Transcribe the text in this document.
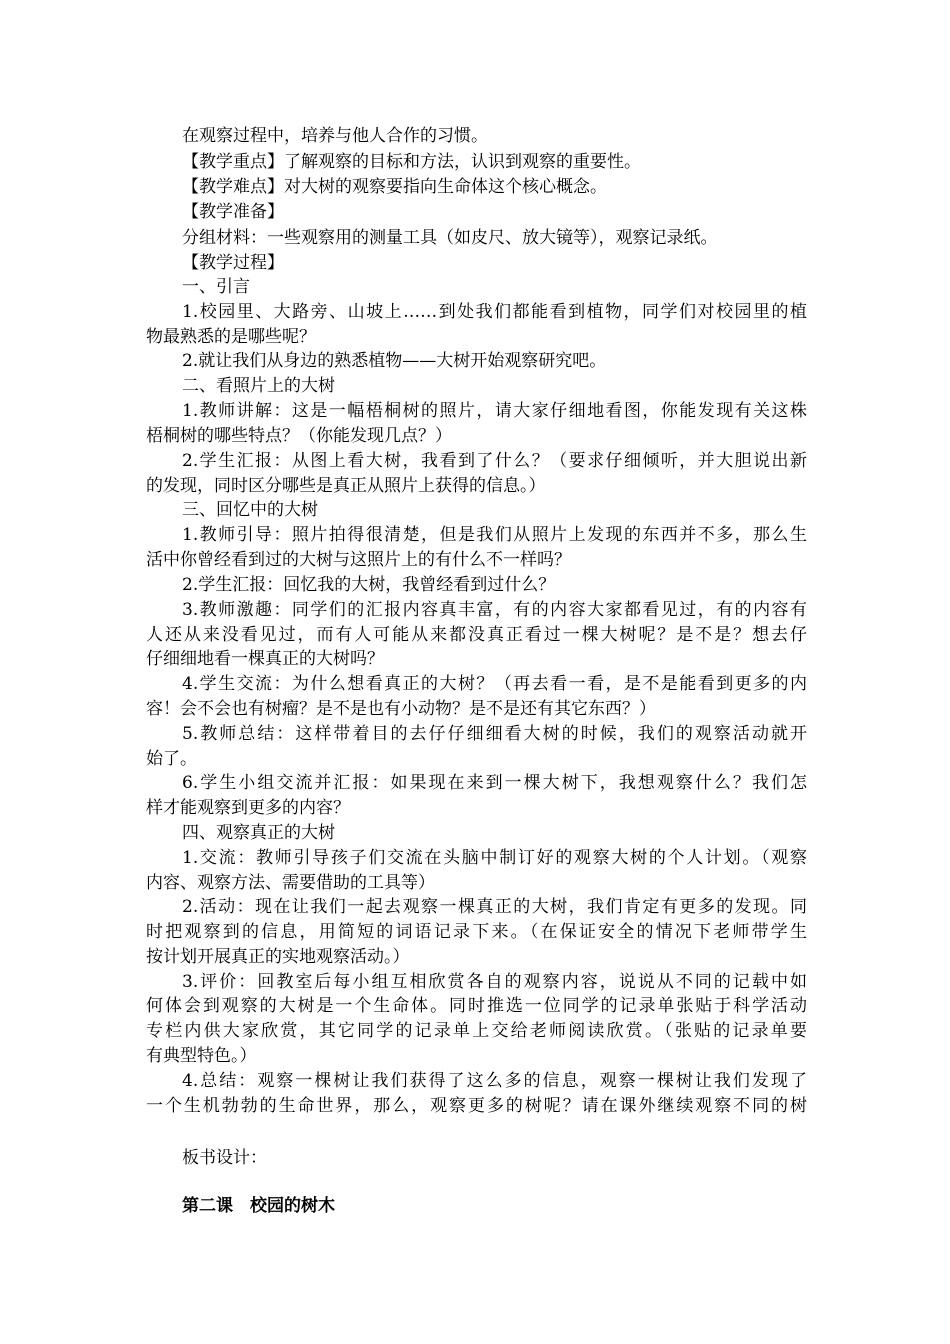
在观察过程中，培养与他人合作的习惯。
【教学重点】了解观察的目标和方法，认识到观察的重要性。
【教学难点】对大树的观察要指向生命体这个核心概念。
【教学准备】
分组材料：一些观察用的测量工具（如皮尺、放大镜等），观察记录纸。
【教学过程】
一、引言
1.校园里、大路旁、山坡上……到处我们都能看到植物，同学们对校园里的植
物最熟悉的是哪些呢？
2.就让我们从身边的熟悉植物——大树开始观察研究吧。
二、看照片上的大树
1.教师讲解：这是一幅梧桐树的照片，请大家仔细地看图，你能发现有关这株
梧桐树的哪些特点？（你能发现几点？）
2.学生汇报：从图上看大树，我看到了什么？（要求仔细倾听，并大胆说出新
的发现，同时区分哪些是真正从照片上获得的信息。）
三、回忆中的大树
1.教师引导：照片拍得很清楚，但是我们从照片上发现的东西并不多，那么生
活中你曾经看到过的大树与这照片上的有什么不一样吗？
2.学生汇报：回忆我的大树，我曾经看到过什么？
3.教师激趣：同学们的汇报内容真丰富，有的内容大家都看见过，有的内容有
人还从来没看见过，而有人可能从来都没真正看过一棵大树呢？是不是？想去仔
仔细细地看一棵真正的大树吗？
4.学生交流：为什么想看真正的大树？（再去看一看，是不是能看到更多的内
容！会不会也有树瘤？是不是也有小动物？是不是还有其它东西？）
5.教师总结：这样带着目的去仔仔细细看大树的时候，我们的观察活动就开
始了。
6.学生小组交流并汇报：如果现在来到一棵大树下，我想观察什么？我们怎
样才能观察到更多的内容？
四、观察真正的大树
1.交流：教师引导孩子们交流在头脑中制订好的观察大树的个人计划。（观察
内容、观察方法、需要借助的工具等）
2.活动：现在让我们一起去观察一棵真正的大树，我们肯定有更多的发现。同
时把观察到的信息，用简短的词语记录下来。（在保证安全的情况下老师带学生
按计划开展真正的实地观察活动。）
3.评价：回教室后每小组互相欣赏各自的观察内容，说说从不同的记载中如
何体会到观察的大树是一个生命体。同时推选一位同学的记录单张贴于科学活动
专栏内供大家欣赏，其它同学的记录单上交给老师阅读欣赏。（张贴的记录单要
有典型特色。）
4.总结：观察一棵树让我们获得了这么多的信息，观察一棵树让我们发现了
一个生机勃勃的生命世界，那么，观察更多的树呢？请在课外继续观察不同的树
板书设计：
第二课　校园的树木
